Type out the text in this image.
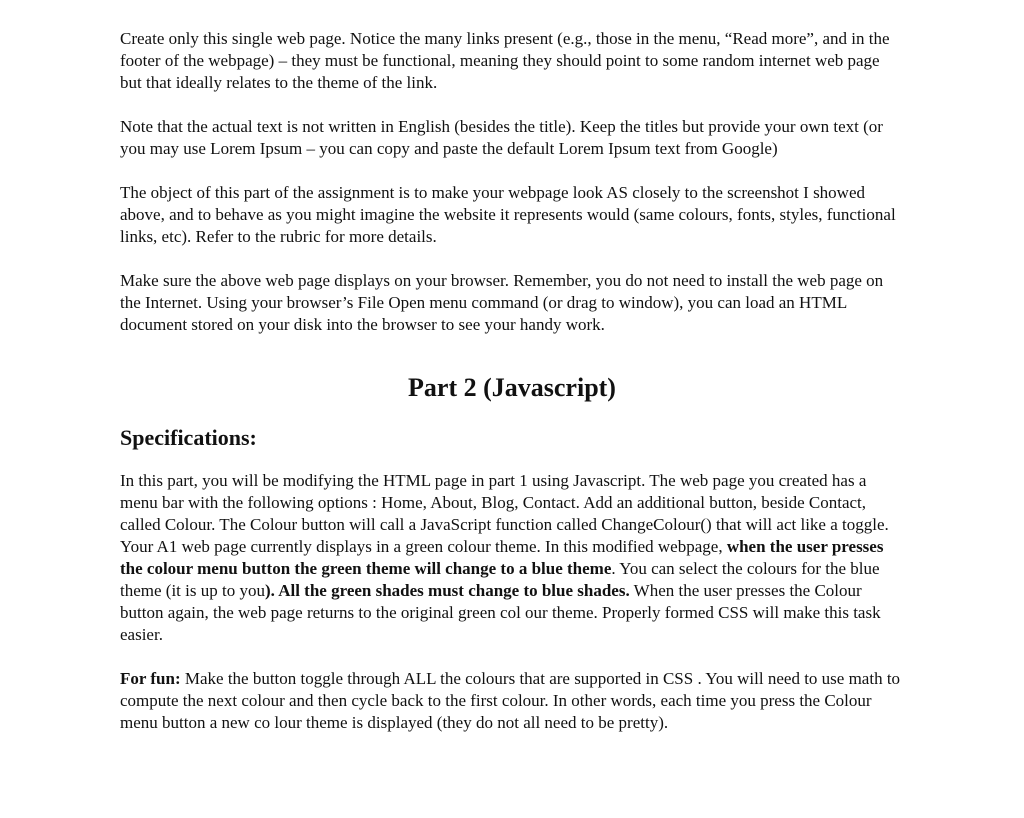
Create only this single web page. Notice the many links present (e.g., those in the menu, “Read more”, and in the footer of the webpage) – they must be functional, meaning they should point to some random internet web page but that ideally relates to the theme of the link.

Note that the actual text is not written in English (besides the title). Keep the titles but provide your own text (or you may use Lorem Ipsum – you can copy and paste the default Lorem Ipsum text from Google)

The object of this part of the assignment is to make your webpage look AS closely to the screenshot I showed above, and to behave as you might imagine the website it represents would (same colours, fonts, styles, functional links, etc). Refer to the rubric for more details.

Make sure the above web page displays on your browser. Remember, you do not need to install the web page on the Internet. Using your browser’s File Open menu command (or drag to window), you can load an HTML document stored on your disk into the browser to see your handy work.

Part 2 (Javascript)
Specifications:

In this part, you will be modifying the HTML page in part 1 using Javascript. The web page you created has a menu bar with the following options : Home, About, Blog, Contact. Add an additional button, beside Contact, called Colour. The Colour button will call a JavaScript function called ChangeColour() that will act like a toggle. Your A1 web page currently displays in a green colour theme. In this modified webpage, when the user presses the colour menu button the green theme will change to a blue theme. You can select the colours for the blue theme (it is up to you). All the green shades must change to blue shades. When the user presses the Colour button again, the web page returns to the original green col our theme. Properly formed CSS will make this task easier.

For fun: Make the button toggle through ALL the colours that are supported in CSS . You will need to use math to compute the next colour and then cycle back to the first colour. In other words, each time you press the Colour menu button a new co lour theme is displayed (they do not all need to be pretty).
